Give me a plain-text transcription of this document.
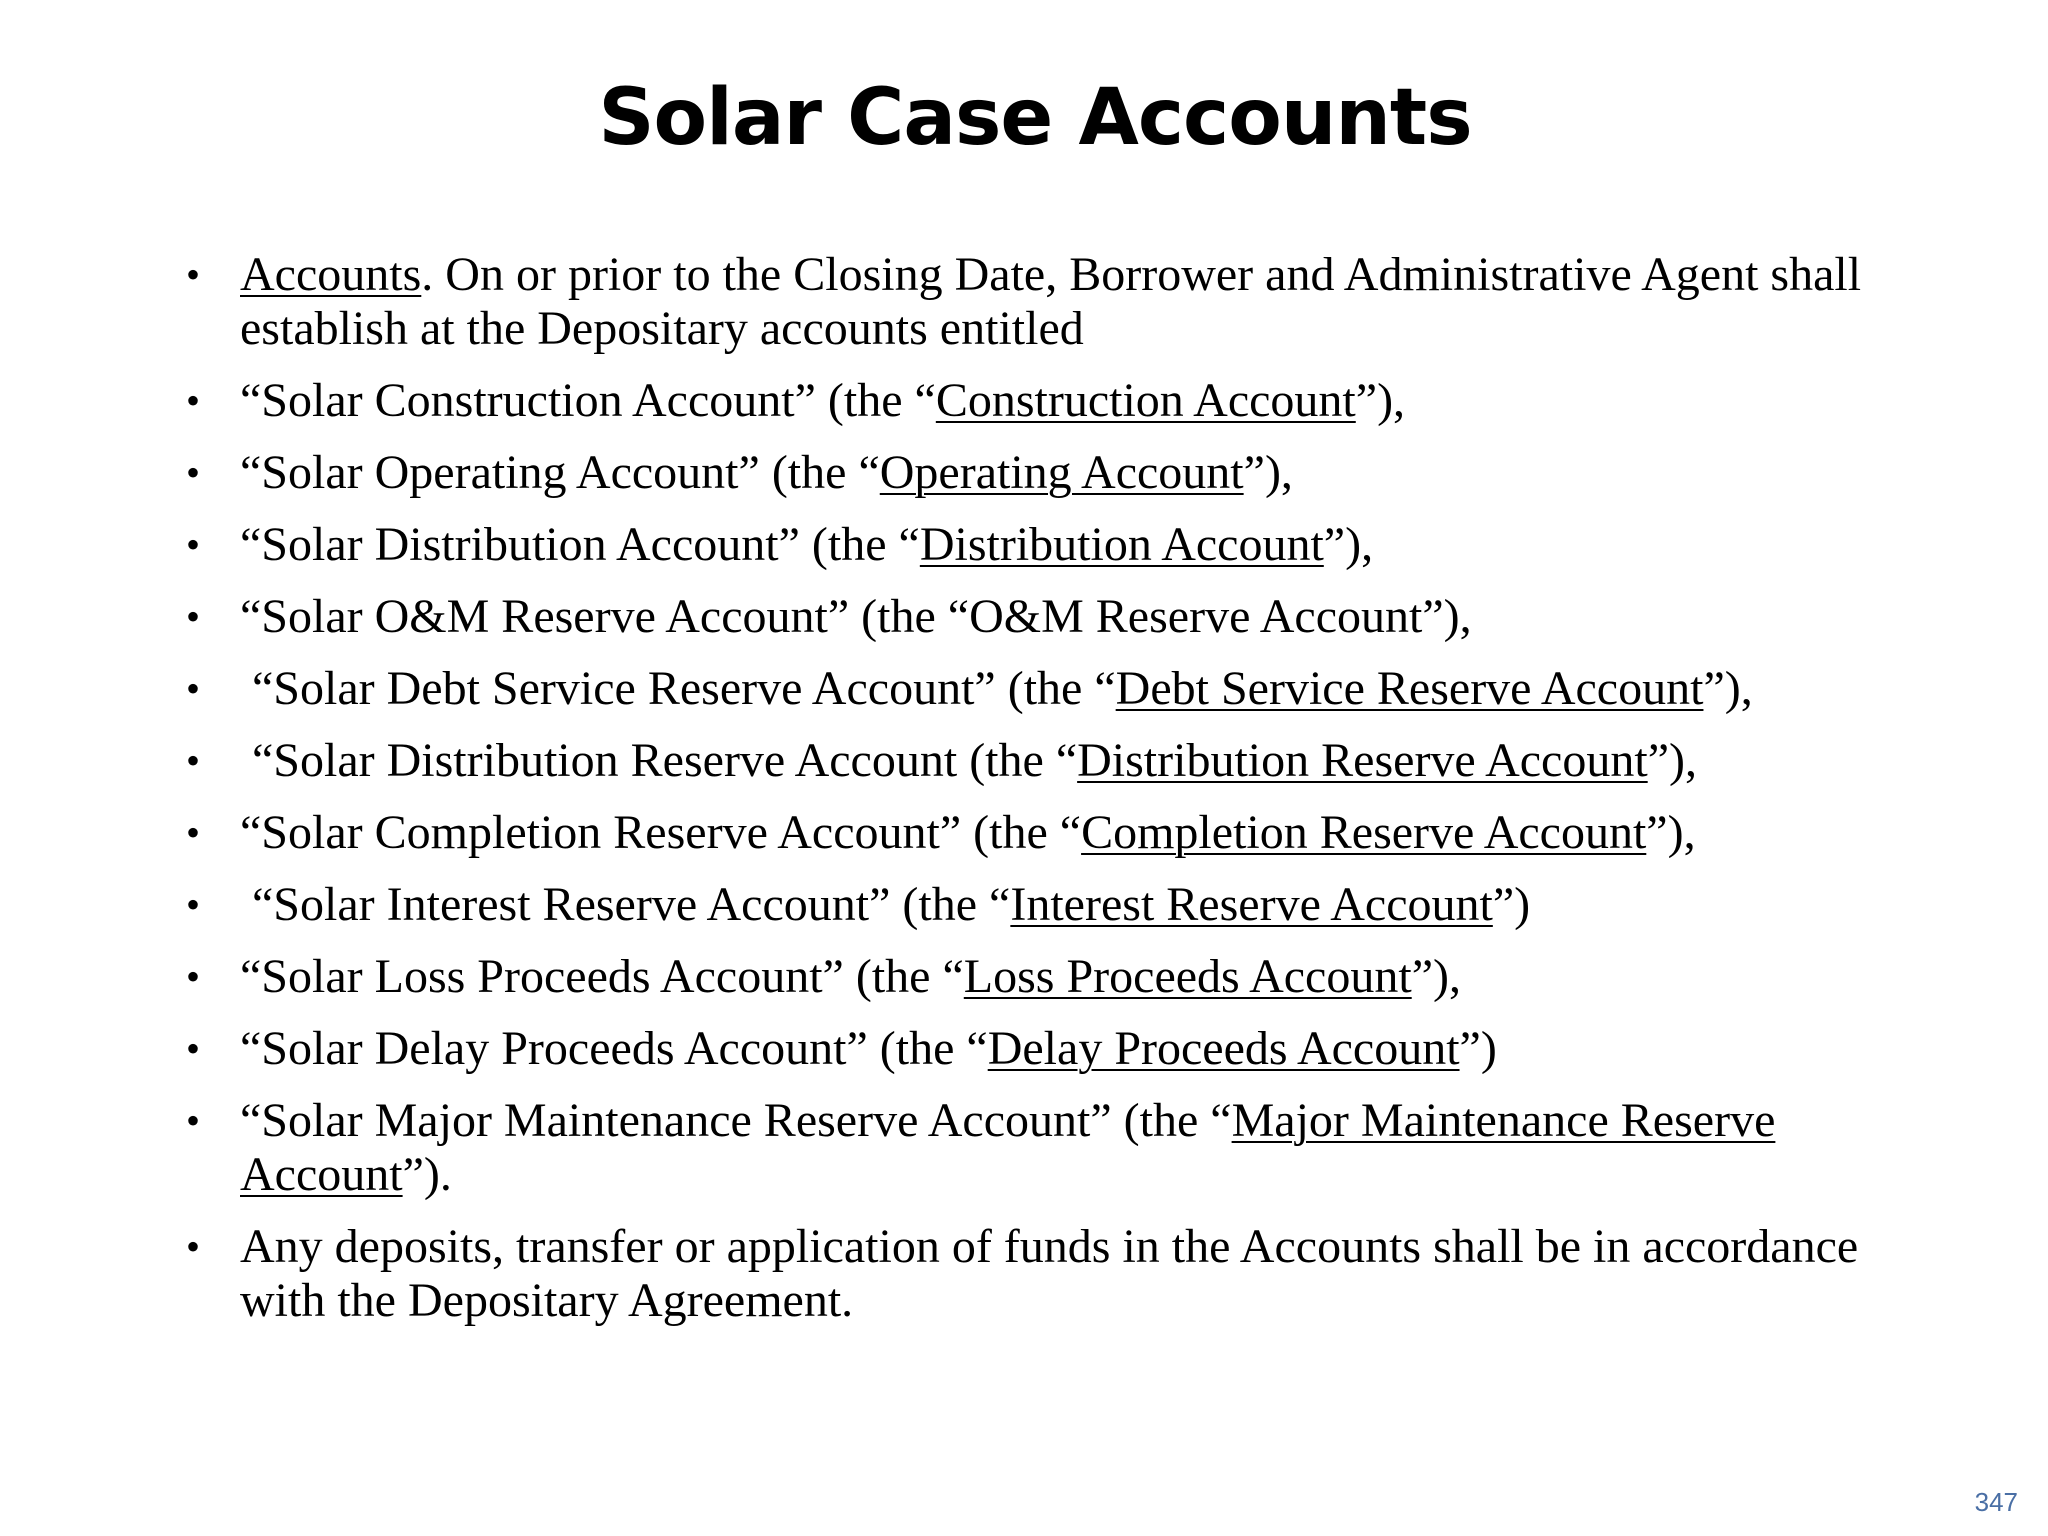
Solar Case Accounts
• Accounts. On or prior to the Closing Date, Borrower and Administrative Agent shall establish at the Depositary accounts entitled
• “Solar Construction Account” (the “Construction Account”),
• “Solar Operating Account” (the “Operating Account”),
• “Solar Distribution Account” (the “Distribution Account”),
• “Solar O&M Reserve Account” (the “O&M Reserve Account”),
• “Solar Debt Service Reserve Account” (the “Debt Service Reserve Account”),
• “Solar Distribution Reserve Account (the “Distribution Reserve Account”),
• “Solar Completion Reserve Account” (the “Completion Reserve Account”),
• “Solar Interest Reserve Account” (the “Interest Reserve Account”)
• “Solar Loss Proceeds Account” (the “Loss Proceeds Account”),
• “Solar Delay Proceeds Account” (the “Delay Proceeds Account”)
• “Solar Major Maintenance Reserve Account” (the “Major Maintenance Reserve Account”).
• Any deposits, transfer or application of funds in the Accounts shall be in accordance with the Depositary Agreement.
347
